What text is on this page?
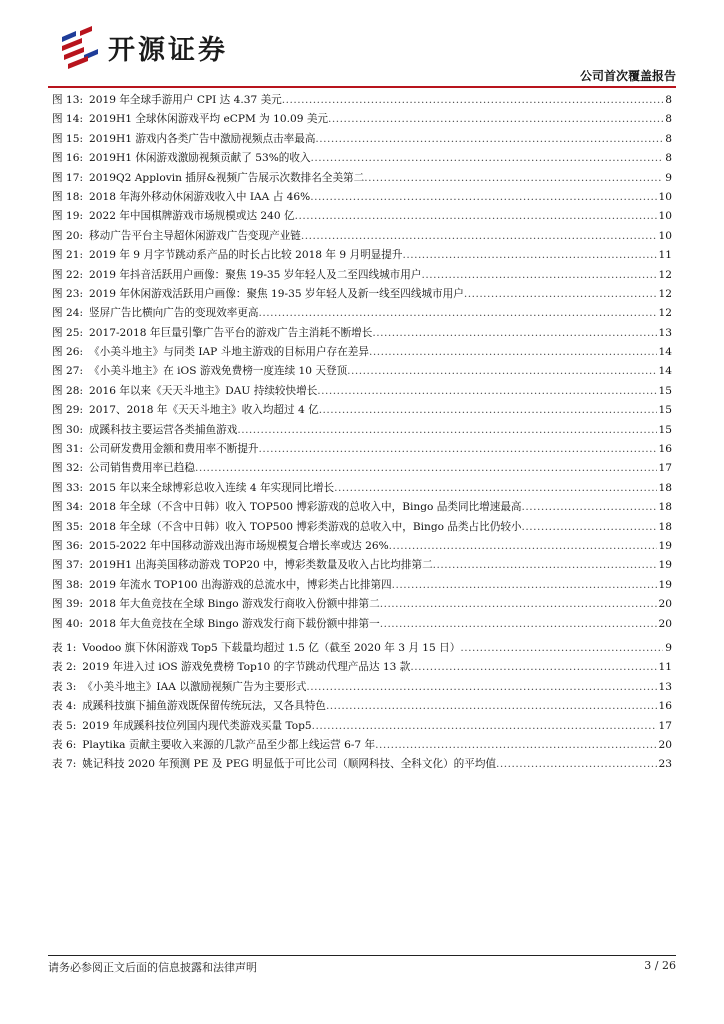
开源证券
公司首次覆盖报告
图 13: 2019 年全球手游用户 CPI 达 4.37 美元 .....	8
图 14: 2019H1 全球休闲游戏平均 eCPM 为 10.09 美元 .....	8
图 15: 2019H1 游戏内各类广告中激励视频点击率最高 .....	8
图 16: 2019H1 休闲游戏激励视频贡献了 53%的收入 .....	8
图 17: 2019Q2 Applovin 插屏&视频广告展示次数排名全美第二 .....	9
图 18: 2018 年海外移动休闲游戏收入中 IAA 占 46% .....	10
图 19: 2022 年中国棋牌游戏市场规模或达 240 亿 .....	10
图 20: 移动广告平台主导超休闲游戏广告变现产业链 .....	10
图 21: 2019 年 9 月字节跳动系产品的时长占比较 2018 年 9 月明显提升 .....	11
图 22: 2019 年抖音活跃用户画像：聚焦 19-35 岁年轻人及二至四线城市用户 .....	12
图 23: 2019 年休闲游戏活跃用户画像：聚焦 19-35 岁年轻人及新一线至四线城市用户 .....	12
图 24: 竖屏广告比横向广告的变现效率更高 .....	12
图 25: 2017-2018 年巨量引擎广告平台的游戏广告主消耗不断增长 .....	13
图 26: 《小美斗地主》与同类 IAP 斗地主游戏的目标用户存在差异 .....	14
图 27: 《小美斗地主》在 iOS 游戏免费榜一度连续 10 天登顶 .....	14
图 28: 2016 年以来《天天斗地主》DAU 持续较快增长 .....	15
图 29: 2017、2018 年《天天斗地主》收入均超过 4 亿 .....	15
图 30: 成蹊科技主要运营各类捕鱼游戏 .....	15
图 31: 公司研发费用金额和费用率不断提升 .....	16
图 32: 公司销售费用率已趋稳 .....	17
图 33: 2015 年以来全球博彩总收入连续 4 年实现同比增长 .....	18
图 34: 2018 年全球（不含中日韩）收入 TOP500 博彩游戏的总收入中，Bingo 品类同比增速最高 .....	18
图 35: 2018 年全球（不含中日韩）收入 TOP500 博彩类游戏的总收入中，Bingo 品类占比仍较小 .....	18
图 36: 2015-2022 年中国移动游戏出海市场规模复合增长率或达 26% .....	19
图 37: 2019H1 出海美国移动游戏 TOP20 中，博彩类数量及收入占比均排第二 .....	19
图 38: 2019 年流水 TOP100 出海游戏的总流水中，博彩类占比排第四 .....	19
图 39: 2018 年大鱼竞技在全球 Bingo 游戏发行商收入份额中排第二 .....	20
图 40: 2018 年大鱼竞技在全球 Bingo 游戏发行商下载份额中排第一 .....	20
表 1: Voodoo 旗下休闲游戏 Top5 下载量均超过 1.5 亿（截至 2020 年 3 月 15 日） .....	9
表 2: 2019 年进入过 iOS 游戏免费榜 Top10 的字节跳动代理产品达 13 款 .....	11
表 3: 《小美斗地主》IAA 以激励视频广告为主要形式 .....	13
表 4: 成蹊科技旗下捕鱼游戏既保留传统玩法，又各具特色 .....	16
表 5: 2019 年成蹊科技位列国内现代类游戏买量 Top5 .....	17
表 6: Playtika 贡献主要收入来源的几款产品至少都上线运营 6-7 年 .....	20
表 7: 姚记科技 2020 年预测 PE 及 PEG 明显低于可比公司（顺网科技、全科文化）的平均值 .....	23
请务必参阅正文后面的信息披露和法律声明	3 / 26
